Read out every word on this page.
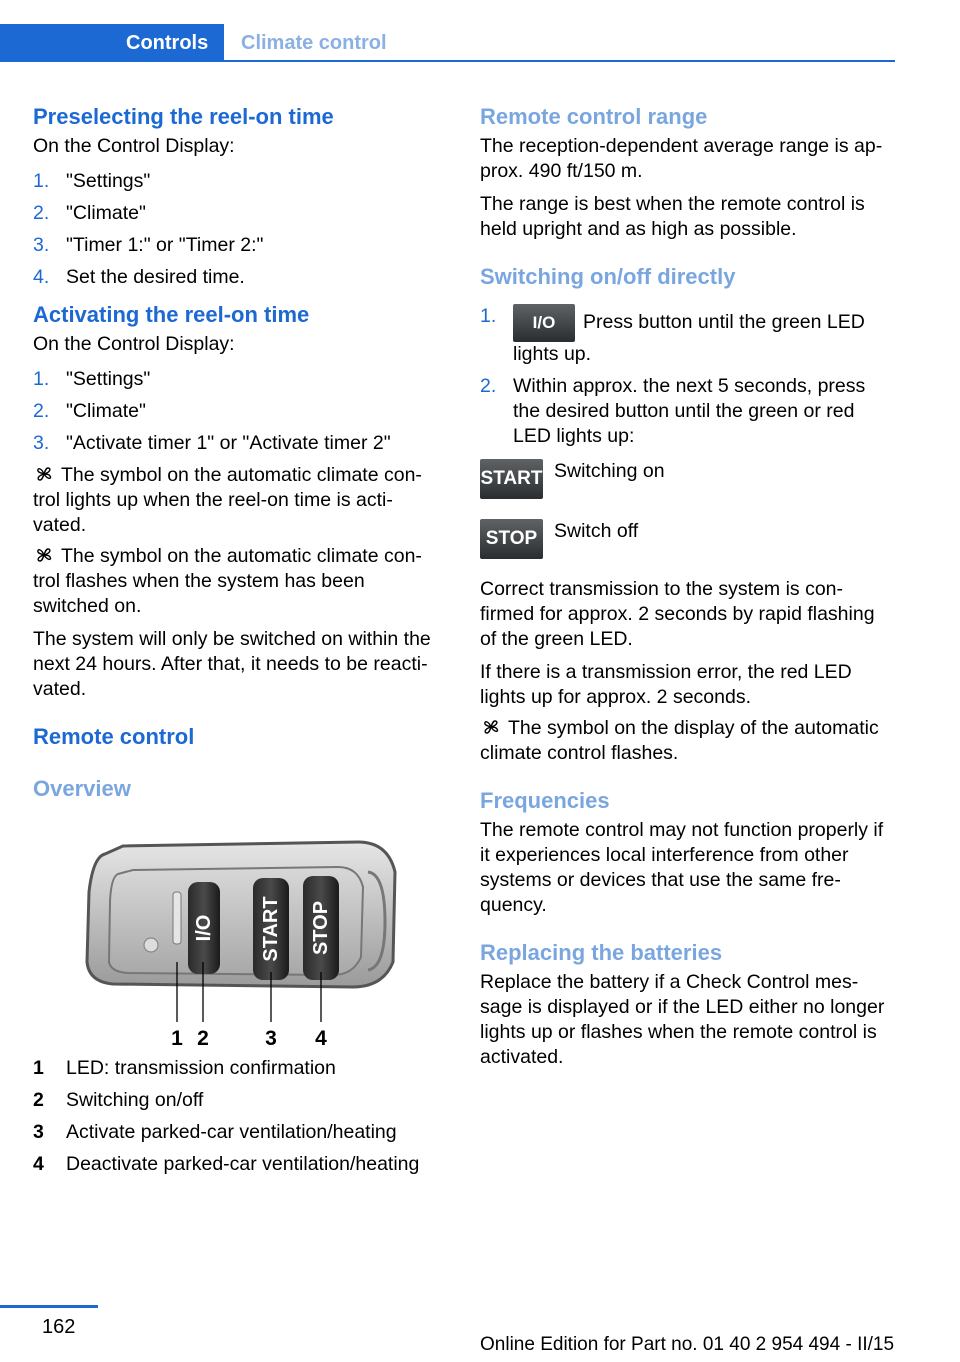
Controls	Climate control
Preselecting the reel-on time

On the Control Display:

1. "Settings"
2. "Climate"
3. "Timer 1:" or "Timer 2:"
4. Set the desired time.
Activating the reel-on time

On the Control Display:

1. "Settings"
2. "Climate"
3. "Activate timer 1" or "Activate timer 2"

The symbol on the automatic climate con-trol lights up when the reel-on time is acti-vated.

The symbol on the automatic climate con-trol flashes when the system has been switched on.

The system will only be switched on within the next 24 hours. After that, it needs to be reacti-vated.

Remote control
Overview
I/O START STOP
1 2	3 4
1	LED: transmission confirmation
2	Switching on/off
3	Activate parked-car ventilation/heating
4	Deactivate parked-car ventilation/heating
Remote control range

The reception-dependent average range is ap-prox. 490 ft/150 m.

The range is best when the remote control is held upright and as high as possible.

Switching on/off directly
1.	I/O Press button until the green LED lights up.
2. Within approx. the next 5 seconds, press the desired button until the green or red LED lights up:
START Switching on

STOP Switch off

Correct transmission to the system is con-firmed for approx. 2 seconds by rapid flashing of the green LED.

If there is a transmission error, the red LED lights up for approx. 2 seconds.

The symbol on the display of the automatic climate control flashes.

Frequencies

The remote control may not function properly if it experiences local interference from other systems or devices that use the same fre-quency.

Replacing the batteries

Replace the battery if a Check Control mes-sage is displayed or if the LED either no longer lights up or flashes when the remote control is activated.

162
Online Edition for Part no. 01 40 2 954 494 - II/15
